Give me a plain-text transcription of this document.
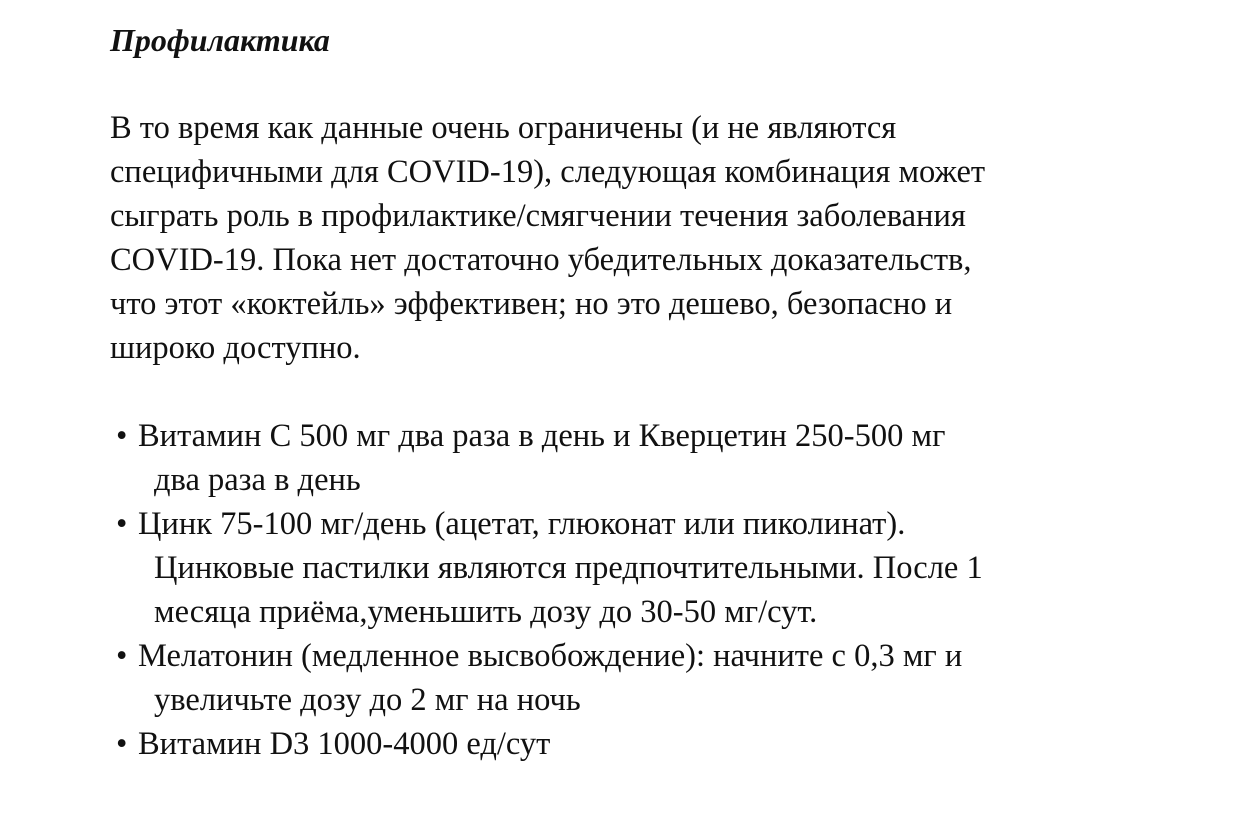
Профилактика
В то время как данные очень ограничены (и не являются
специфичными для COVID-19), следующая комбинация может
сыграть роль в профилактике/смягчении течения заболевания
COVID-19. Пока нет достаточно убедительных доказательств,
что этот «коктейль» эффективен; но это дешево, безопасно и
широко доступно.
• Витамин С 500 мг два раза в день и Кверцетин 250-500 мг
два раза в день
• Цинк 75-100 мг/день (ацетат, глюконат или пиколинат).
Цинковые пастилки являются предпочтительными. После 1
месяца приёма,уменьшить дозу до 30-50 мг/сут.
• Мелатонин (медленное высвобождение): начните с 0,3 мг и
увеличьте дозу до 2 мг на ночь
• Витамин D3 1000-4000 ед/сут
